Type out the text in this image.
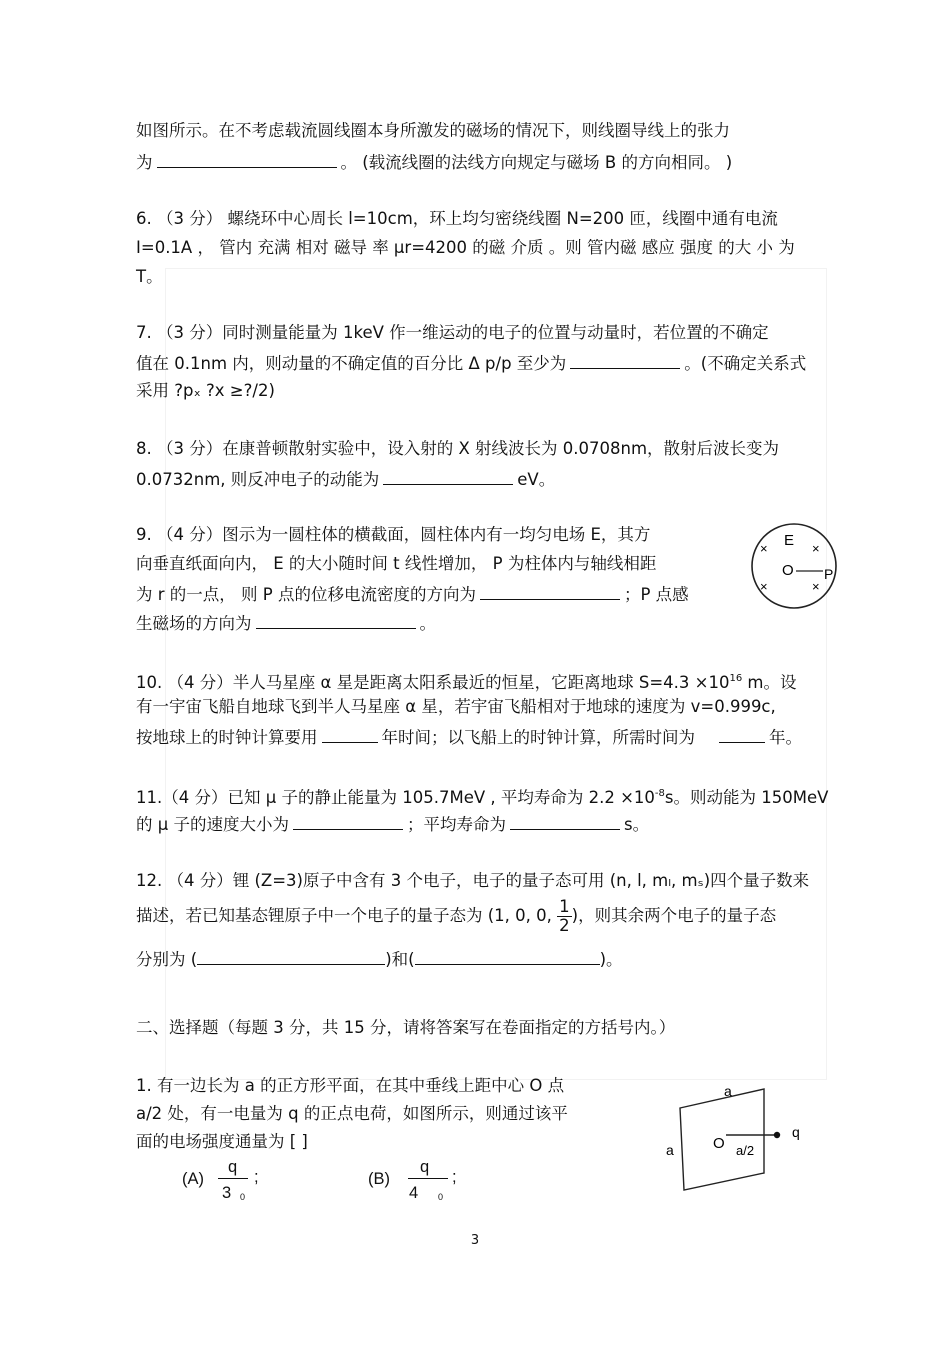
如图所示。在不考虑载流圆线圈本身所激发的磁场的情况下，则线圈导线上的张力
为	。 (载流线圈的法线方向规定与磁场 B 的方向相同。 )
6. （3 分） 螺绕环中心周长 l=10cm，环上均匀密绕线圈 N=200 匝，线圈中通有电流
I=0.1A ， 管内 充满 相对 磁导 率 μr=4200 的磁 介质 。则 管内磁 感应 强度 的大 小 为
T。
7. （3 分）同时测量能量为 1keV 作一维运动的电子的位置与动量时，若位置的不确定
值在 0.1nm 内，则动量的不确定值的百分比 Δ p/p 至少为	。(不确定关系式
采用 ?pₓ ?x ≥?/2)
8. （3 分）在康普顿散射实验中，设入射的 X 射线波长为 0.0708nm，散射后波长变为
0.0732nm, 则反冲电子的动能为	eV。
9. （4 分）图示为一圆柱体的横截面，圆柱体内有一均匀电场 E，其方
向垂直纸面向内， E 的大小随时间 t 线性增加， P 为柱体内与轴线相距
为 r 的一点， 则 P 点的位移电流密度的方向为	；P 点感
生磁场的方向为	。
E
×	×
×	×
O P
10. （4 分）半人马星座 α 星是距离太阳系最近的恒星，它距离地球 $S=4.3 \times 10^{16}$ m。设
有一宇宙飞船自地球飞到半人马星座 α 星，若宇宙飞船相对于地球的速度为 v=0.999c,
按地球上的时钟计算要用	年时间；以飞船上的时钟计算，所需时间为	年。
11.（4 分）已知 μ 子的静止能量为 105.7MeV , 平均寿命为 $2.2 \times 10^{-8}s$。则动能为 150MeV
的 μ 子的速度大小为	；平均寿命为	s。
12. （4 分）锂 (Z=3)原子中含有 3 个电子，电子的量子态可用 (n, l, mₗ, mₛ)四个量子数来
描述，若已知基态锂原子中一个电子的量子态为 (1, 0, 0, $\frac{1}{2}$ )，则其余两个电子的量子态
分别为 (	)和(	)。
二、选择题（每题 3 分，共 15 分，请将答案写在卷面指定的方括号内。）
1. 有一边长为 a 的正方形平面，在其中垂线上距中心 O 点
a/2 处，有一电量为 q 的正点电荷，如图所示，则通过该平
面的电场强度通量为 [ ]
(A)
q
3 0
;	(B)
q
4 0
;
a
a	O a/2
q
3
